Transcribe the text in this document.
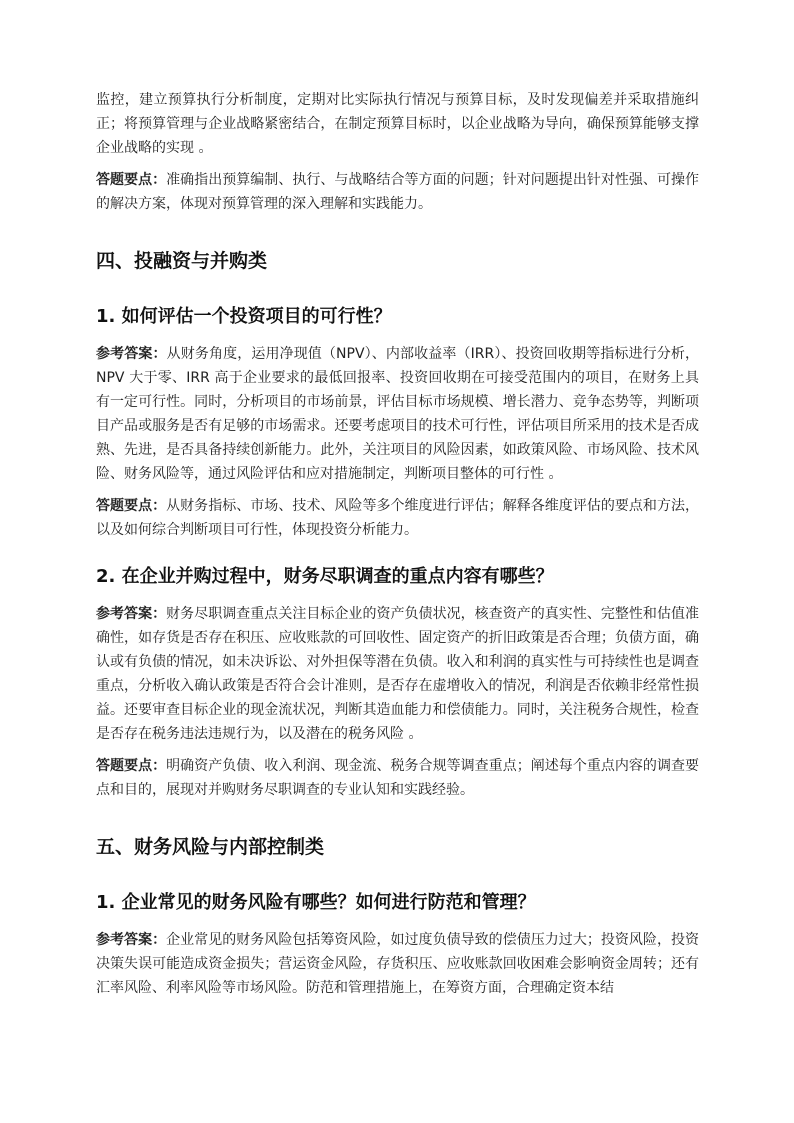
监控，建立预算执行分析制度，定期对比实际执行情况与预算目标，及时发现偏差并采取措施纠正；将预算管理与企业战略紧密结合，在制定预算目标时，以企业战略为导向，确保预算能够支撑企业战略的实现 。

答题要点：准确指出预算编制、执行、与战略结合等方面的问题；针对问题提出针对性强、可操作的解决方案，体现对预算管理的深入理解和实践能力。

四、投融资与并购类
1. 如何评估一个投资项目的可行性？

参考答案：从财务角度，运用净现值（NPV）、内部收益率（IRR）、投资回收期等指标进行分析，NPV 大于零、IRR 高于企业要求的最低回报率、投资回收期在可接受范围内的项目，在财务上具有一定可行性。同时，分析项目的市场前景，评估目标市场规模、增长潜力、竞争态势等，判断项目产品或服务是否有足够的市场需求。还要考虑项目的技术可行性，评估项目所采用的技术是否成熟、先进，是否具备持续创新能力。此外，关注项目的风险因素，如政策风险、市场风险、技术风险、财务风险等，通过风险评估和应对措施制定，判断项目整体的可行性 。

答题要点：从财务指标、市场、技术、风险等多个维度进行评估；解释各维度评估的要点和方法，以及如何综合判断项目可行性，体现投资分析能力。

2. 在企业并购过程中，财务尽职调查的重点内容有哪些？

参考答案：财务尽职调查重点关注目标企业的资产负债状况，核查资产的真实性、完整性和估值准确性，如存货是否存在积压、应收账款的可回收性、固定资产的折旧政策是否合理；负债方面，确认或有负债的情况，如未决诉讼、对外担保等潜在负债。收入和利润的真实性与可持续性也是调查重点，分析收入确认政策是否符合会计准则，是否存在虚增收入的情况，利润是否依赖非经常性损益。还要审查目标企业的现金流状况，判断其造血能力和偿债能力。同时，关注税务合规性，检查是否存在税务违法违规行为，以及潜在的税务风险 。

答题要点：明确资产负债、收入利润、现金流、税务合规等调查重点；阐述每个重点内容的调查要点和目的，展现对并购财务尽职调查的专业认知和实践经验。

五、财务风险与内部控制类
1. 企业常见的财务风险有哪些？如何进行防范和管理？

参考答案：企业常见的财务风险包括筹资风险，如过度负债导致的偿债压力过大；投资风险，投资决策失误可能造成资金损失；营运资金风险，存货积压、应收账款回收困难会影响资金周转；还有汇率风险、利率风险等市场风险。防范和管理措施上，在筹资方面，合理确定资本结
